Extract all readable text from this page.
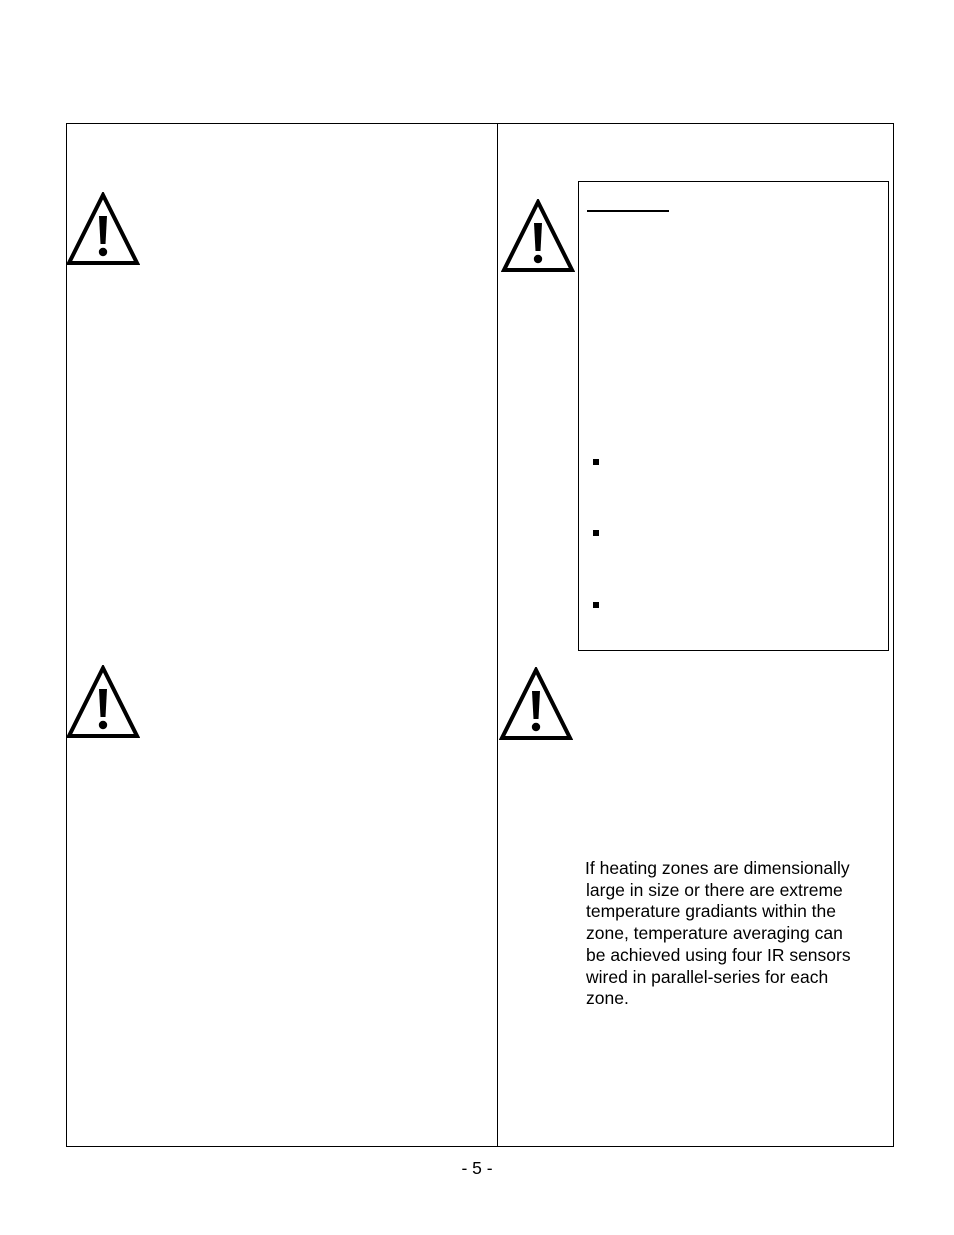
If heating zones are dimensionally
large in size or there are extreme
temperature gradiants within the
zone, temperature averaging can
be achieved using four IR sensors
wired in parallel-series for each
zone.

- 5 -
